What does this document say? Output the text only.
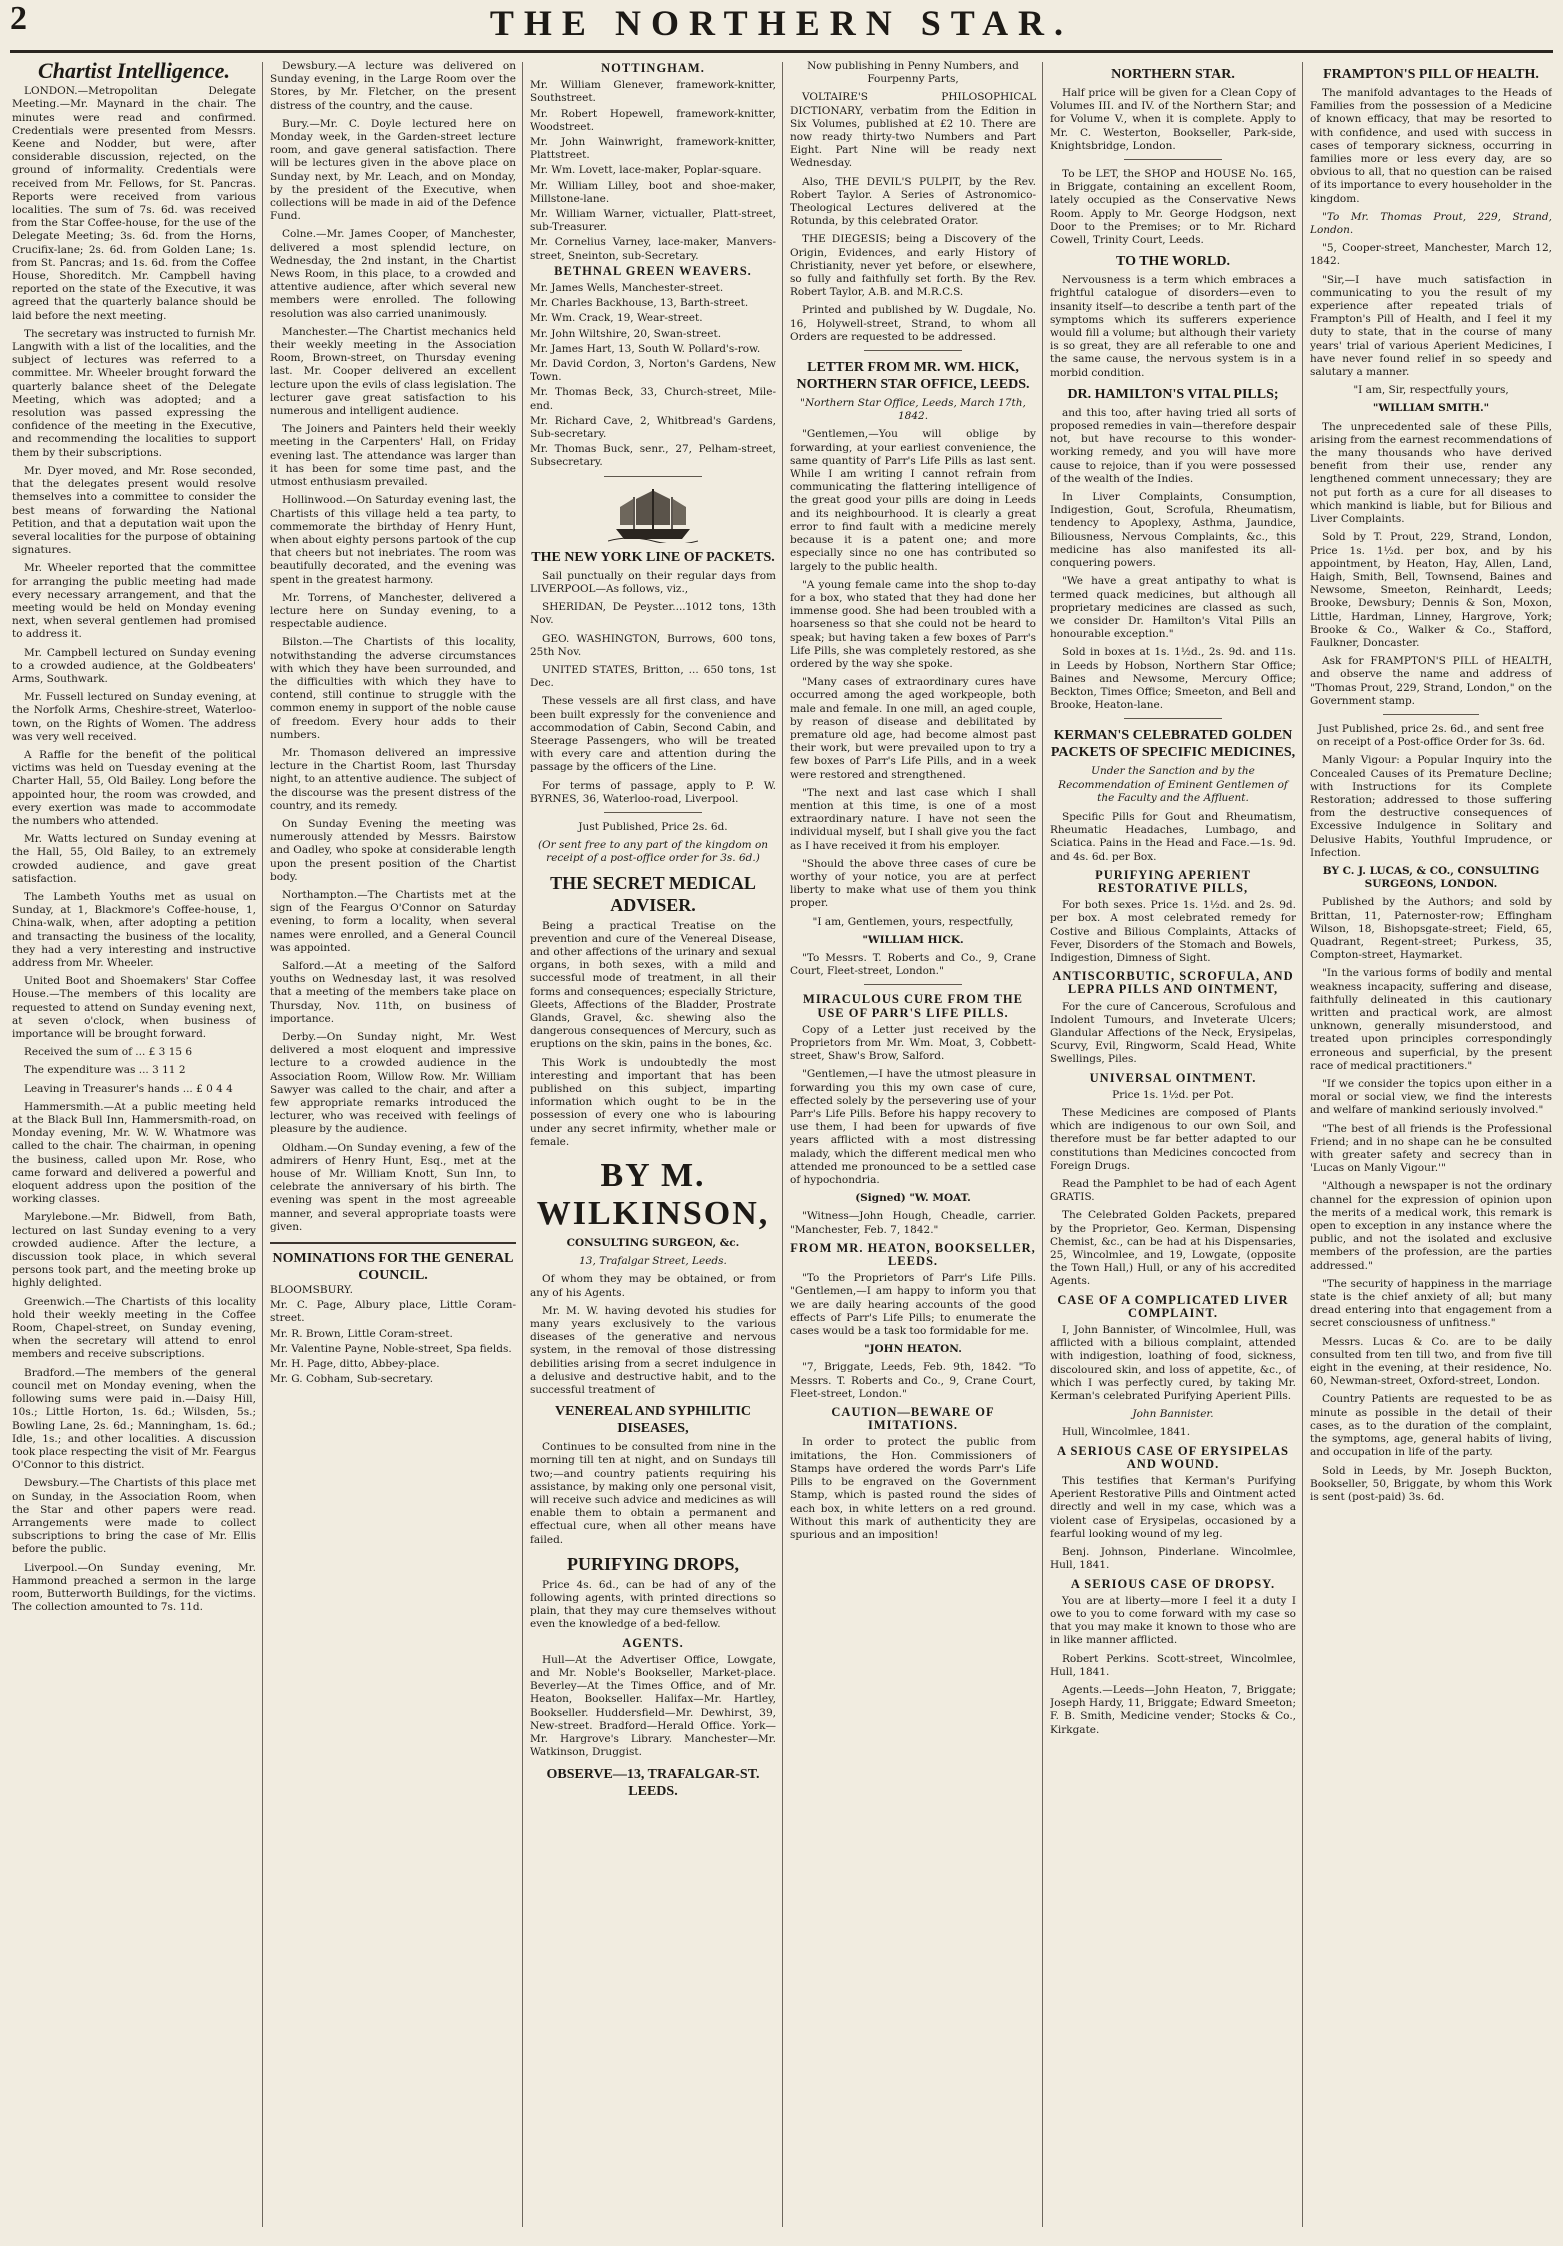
2	THE NORTHERN STAR.
Chartist Intelligence.
LONDON.—Metropolitan Delegate Meeting.—Mr. Maynard in the chair. The minutes were read and confirmed. Credentials were presented from Messrs. Keene and Nodder, but were, after considerable discussion, rejected, on the ground of informality. Credentials were received from Mr. Fellows, for St. Pancras. Reports were received from various localities. The sum of 7s. 6d. was received from the Star Coffee-house, for the use of the Delegate Meeting; 3s. 6d. from the Horns, Crucifix-lane; 2s. 6d. from Golden Lane; 1s. from St. Pancras; and 1s. 6d. from the Coffee House, Shoreditch. Mr. Campbell having reported on the state of the Executive, it was agreed that the quarterly balance should be laid before the next meeting.
The secretary was instructed to furnish Mr. Langwith with a list of the localities, and the subject of lectures was referred to a committee. Mr. Wheeler brought forward the quarterly balance sheet of the Delegate Meeting, which was adopted; and a resolution was passed expressing the confidence of the meeting in the Executive, and recommending the localities to support them by their subscriptions.
Mr. Dyer moved, and Mr. Rose seconded, that the delegates present would resolve themselves into a committee to consider the best means of forwarding the National Petition, and that a deputation wait upon the several localities for the purpose of obtaining signatures.
Mr. Wheeler reported that the committee for arranging the public meeting had made every necessary arrangement, and that the meeting would be held on Monday evening next, when several gentlemen had promised to address it.
Mr. Campbell lectured on Sunday evening to a crowded audience, at the Goldbeaters' Arms, Southwark.
Mr. Fussell lectured on Sunday evening, at the Norfolk Arms, Cheshire-street, Waterloo-town, on the Rights of Women. The address was very well received.
A Raffle for the benefit of the political victims was held on Tuesday evening at the Charter Hall, 55, Old Bailey. Long before the appointed hour, the room was crowded, and every exertion was made to accommodate the numbers who attended.
Mr. Watts lectured on Sunday evening at the Hall, 55, Old Bailey, to an extremely crowded audience, and gave great satisfaction.
The Lambeth Youths met as usual on Sunday, at 1, Blackmore's Coffee-house, 1, China-walk, when, after adopting a petition and transacting the business of the locality, they had a very interesting and instructive address from Mr. Wheeler.
United Boot and Shoemakers' Star Coffee House.—The members of this locality are requested to attend on Sunday evening next, at seven o'clock, when business of importance will be brought forward.
Received the sum of ... £ 3 15 6
The expenditure was ... 3 11 2
Leaving in Treasurer's hands ... £ 0 4 4
Hammersmith.—At a public meeting held at the Black Bull Inn, Hammersmith-road, on Monday evening, Mr. W. W. Whatmore was called to the chair. The chairman, in opening the business, called upon Mr. Rose, who came forward and delivered a powerful and eloquent address upon the position of the working classes.
Marylebone.—Mr. Bidwell, from Bath, lectured on last Sunday evening to a very crowded audience. After the lecture, a discussion took place, in which several persons took part, and the meeting broke up highly delighted.
Greenwich.—The Chartists of this locality hold their weekly meeting in the Coffee Room, Chapel-street, on Sunday evening, when the secretary will attend to enrol members and receive subscriptions.
Bradford.—The members of the general council met on Monday evening, when the following sums were paid in.—Daisy Hill, 10s.; Little Horton, 1s. 6d.; Wilsden, 5s.; Bowling Lane, 2s. 6d.; Manningham, 1s. 6d.; Idle, 1s.; and other localities. A discussion took place respecting the visit of Mr. Feargus O'Connor to this district.
Dewsbury.—The Chartists of this place met on Sunday, in the Association Room, when the Star and other papers were read. Arrangements were made to collect subscriptions to bring the case of Mr. Ellis before the public.
Liverpool.—On Sunday evening, Mr. Hammond preached a sermon in the large room, Butterworth Buildings, for the victims. The collection amounted to 7s. 11d.
Dewsbury.—A lecture was delivered on Sunday evening, in the Large Room over the Stores, by Mr. Fletcher, on the present distress of the country, and the cause.
Bury.—Mr. C. Doyle lectured here on Monday week, in the Garden-street lecture room, and gave general satisfaction. There will be lectures given in the above place on Sunday next, by Mr. Leach, and on Monday, by the president of the Executive, when collections will be made in aid of the Defence Fund.
Colne.—Mr. James Cooper, of Manchester, delivered a most splendid lecture, on Wednesday, the 2nd instant, in the Chartist News Room, in this place, to a crowded and attentive audience, after which several new members were enrolled. The following resolution was also carried unanimously.
Manchester.—The Chartist mechanics held their weekly meeting in the Association Room, Brown-street, on Thursday evening last. Mr. Cooper delivered an excellent lecture upon the evils of class legislation. The lecturer gave great satisfaction to his numerous and intelligent audience.
The Joiners and Painters held their weekly meeting in the Carpenters' Hall, on Friday evening last. The attendance was larger than it has been for some time past, and the utmost enthusiasm prevailed.
Hollinwood.—On Saturday evening last, the Chartists of this village held a tea party, to commemorate the birthday of Henry Hunt, when about eighty persons partook of the cup that cheers but not inebriates. The room was beautifully decorated, and the evening was spent in the greatest harmony.
Mr. Torrens, of Manchester, delivered a lecture here on Sunday evening, to a respectable audience.
Bilston.—The Chartists of this locality, notwithstanding the adverse circumstances with which they have been surrounded, and the difficulties with which they have to contend, still continue to struggle with the common enemy in support of the noble cause of freedom. Every hour adds to their numbers.
Mr. Thomason delivered an impressive lecture in the Chartist Room, last Thursday night, to an attentive audience. The subject of the discourse was the present distress of the country, and its remedy.
On Sunday Evening the meeting was numerously attended by Messrs. Bairstow and Oadley, who spoke at considerable length upon the present position of the Chartist body.
Northampton.—The Chartists met at the sign of the Feargus O'Connor on Saturday evening, to form a locality, when several names were enrolled, and a General Council was appointed.
Salford.—At a meeting of the Salford youths on Wednesday last, it was resolved that a meeting of the members take place on Thursday, Nov. 11th, on business of importance.
Derby.—On Sunday night, Mr. West delivered a most eloquent and impressive lecture to a crowded audience in the Association Room, Willow Row. Mr. William Sawyer was called to the chair, and after a few appropriate remarks introduced the lecturer, who was received with feelings of pleasure by the audience.
Oldham.—On Sunday evening, a few of the admirers of Henry Hunt, Esq., met at the house of Mr. William Knott, Sun Inn, to celebrate the anniversary of his birth. The evening was spent in the most agreeable manner, and several appropriate toasts were given.
NOMINATIONS FOR THE GENERAL COUNCIL.
BLOOMSBURY.
Mr. C. Page, Albury place, Little Coram-street.
Mr. R. Brown, Little Coram-street.
Mr. Valentine Payne, Noble-street, Spa fields.
Mr. H. Page, ditto, Abbey-place.
Mr. G. Cobham, Sub-secretary.
NOTTINGHAM.
Mr. William Glenever, framework-knitter, Southstreet.
Mr. Robert Hopewell, framework-knitter, Woodstreet.
Mr. John Wainwright, framework-knitter, Plattstreet.
Mr. Wm. Lovett, lace-maker, Poplar-square.
Mr. William Lilley, boot and shoe-maker, Millstone-lane.
Mr. William Warner, victualler, Platt-street, sub-Treasurer.
Mr. Cornelius Varney, lace-maker, Manvers-street, Sneinton, sub-Secretary.
BETHNAL GREEN WEAVERS.
Mr. James Wells, Manchester-street.
Mr. Charles Backhouse, 13, Barth-street.
Mr. Wm. Crack, 19, Wear-street.
Mr. John Wiltshire, 20, Swan-street.
Mr. James Hart, 13, South W. Pollard's-row.
Mr. David Cordon, 3, Norton's Gardens, New Town.
Mr. Thomas Beck, 33, Church-street, Mile-end.
Mr. Richard Cave, 2, Whitbread's Gardens, Sub-secretary.
Mr. Thomas Buck, senr., 27, Pelham-street, Subsecretary.
THE NEW YORK LINE OF PACKETS.
Sail punctually on their regular days from LIVERPOOL—As follows, viz.,
SHERIDAN, De Peyster....1012 tons, 13th Nov.
GEO. WASHINGTON, Burrows, 600 tons, 25th Nov.
UNITED STATES, Britton, ... 650 tons, 1st Dec.
These vessels are all first class, and have been built expressly for the convenience and accommodation of Cabin, Second Cabin, and Steerage Passengers, who will be treated with every care and attention during the passage by the officers of the Line.
For terms of passage, apply to P. W. BYRNES, 36, Waterloo-road, Liverpool.
Just Published, Price 2s. 6d.
(Or sent free to any part of the kingdom on receipt of a post-office order for 3s. 6d.)
THE SECRET MEDICAL ADVISER.
Being a practical Treatise on the prevention and cure of the Venereal Disease, and other affections of the urinary and sexual organs, in both sexes, with a mild and successful mode of treatment, in all their forms and consequences; especially Stricture, Gleets, Affections of the Bladder, Prostrate Glands, Gravel, &c. shewing also the dangerous consequences of Mercury, such as eruptions on the skin, pains in the bones, &c.
This Work is undoubtedly the most interesting and important that has been published on this subject, imparting information which ought to be in the possession of every one who is labouring under any secret infirmity, whether male or female.
BY M. WILKINSON,
CONSULTING SURGEON, &c.
13, Trafalgar Street, Leeds.
Of whom they may be obtained, or from any of his Agents.
Mr. M. W. having devoted his studies for many years exclusively to the various diseases of the generative and nervous system, in the removal of those distressing debilities arising from a secret indulgence in a delusive and destructive habit, and to the successful treatment of
VENEREAL AND SYPHILITIC DISEASES,
Continues to be consulted from nine in the morning till ten at night, and on Sundays till two;—and country patients requiring his assistance, by making only one personal visit, will receive such advice and medicines as will enable them to obtain a permanent and effectual cure, when all other means have failed.
PURIFYING DROPS,
Price 4s. 6d., can be had of any of the following agents, with printed directions so plain, that they may cure themselves without even the knowledge of a bed-fellow.
AGENTS.
Hull—At the Advertiser Office, Lowgate, and Mr. Noble's Bookseller, Market-place. Beverley—At the Times Office, and of Mr. Heaton, Bookseller. Halifax—Mr. Hartley, Bookseller. Huddersfield—Mr. Dewhirst, 39, New-street. Bradford—Herald Office. York—Mr. Hargrove's Library. Manchester—Mr. Watkinson, Druggist.
OBSERVE—13, TRAFALGAR-ST. LEEDS.
Now publishing in Penny Numbers, and Fourpenny Parts,
VOLTAIRE'S PHILOSOPHICAL DICTIONARY, verbatim from the Edition in Six Volumes, published at £2 10. There are now ready thirty-two Numbers and Part Eight. Part Nine will be ready next Wednesday.
Also, THE DEVIL'S PULPIT, by the Rev. Robert Taylor. A Series of Astronomico-Theological Lectures delivered at the Rotunda, by this celebrated Orator.
THE DIEGESIS; being a Discovery of the Origin, Evidences, and early History of Christianity, never yet before, or elsewhere, so fully and faithfully set forth. By the Rev. Robert Taylor, A.B. and M.R.C.S.
Printed and published by W. Dugdale, No. 16, Holywell-street, Strand, to whom all Orders are requested to be addressed.
LETTER FROM MR. WM. HICK, NORTHERN STAR OFFICE, LEEDS.
"Northern Star Office, Leeds, March 17th, 1842.
"Gentlemen,—You will oblige by forwarding, at your earliest convenience, the same quantity of Parr's Life Pills as last sent. While I am writing I cannot refrain from communicating the flattering intelligence of the great good your pills are doing in Leeds and its neighbourhood. It is clearly a great error to find fault with a medicine merely because it is a patent one; and more especially since no one has contributed so largely to the public health.
"A young female came into the shop to-day for a box, who stated that they had done her immense good. She had been troubled with a hoarseness so that she could not be heard to speak; but having taken a few boxes of Parr's Life Pills, she was completely restored, as she ordered by the way she spoke.
"Many cases of extraordinary cures have occurred among the aged workpeople, both male and female. In one mill, an aged couple, by reason of disease and debilitated by premature old age, had become almost past their work, but were prevailed upon to try a few boxes of Parr's Life Pills, and in a week were restored and strengthened.
"The next and last case which I shall mention at this time, is one of a most extraordinary nature. I have not seen the individual myself, but I shall give you the fact as I have received it from his employer.
"Should the above three cases of cure be worthy of your notice, you are at perfect liberty to make what use of them you think proper.
"I am, Gentlemen, yours, respectfully,
"WILLIAM HICK.
"To Messrs. T. Roberts and Co., 9, Crane Court, Fleet-street, London."
MIRACULOUS CURE FROM THE USE OF PARR'S LIFE PILLS.
Copy of a Letter just received by the Proprietors from Mr. Wm. Moat, 3, Cobbett-street, Shaw's Brow, Salford.
"Gentlemen,—I have the utmost pleasure in forwarding you this my own case of cure, effected solely by the persevering use of your Parr's Life Pills. Before his happy recovery to use them, I had been for upwards of five years afflicted with a most distressing malady, which the different medical men who attended me pronounced to be a settled case of hypochondria.
(Signed) "W. MOAT.
"Witness—John Hough, Cheadle, carrier. "Manchester, Feb. 7, 1842."
FROM MR. HEATON, BOOKSELLER, LEEDS.
"To the Proprietors of Parr's Life Pills. "Gentlemen,—I am happy to inform you that we are daily hearing accounts of the good effects of Parr's Life Pills; to enumerate the cases would be a task too formidable for me.
"JOHN HEATON.
"7, Briggate, Leeds, Feb. 9th, 1842. "To Messrs. T. Roberts and Co., 9, Crane Court, Fleet-street, London."
CAUTION—BEWARE OF IMITATIONS.
In order to protect the public from imitations, the Hon. Commissioners of Stamps have ordered the words Parr's Life Pills to be engraved on the Government Stamp, which is pasted round the sides of each box, in white letters on a red ground. Without this mark of authenticity they are spurious and an imposition!
NORTHERN STAR.
Half price will be given for a Clean Copy of Volumes III. and IV. of the Northern Star; and for Volume V., when it is complete. Apply to Mr. C. Westerton, Bookseller, Park-side, Knightsbridge, London.
To be LET, the SHOP and HOUSE No. 165, in Briggate, containing an excellent Room, lately occupied as the Conservative News Room. Apply to Mr. George Hodgson, next Door to the Premises; or to Mr. Richard Cowell, Trinity Court, Leeds.
TO THE WORLD.
Nervousness is a term which embraces a frightful catalogue of disorders—even to insanity itself—to describe a tenth part of the symptoms which its sufferers experience would fill a volume; but although their variety is so great, they are all referable to one and the same cause, the nervous system is in a morbid condition.
DR. HAMILTON'S VITAL PILLS;
and this too, after having tried all sorts of proposed remedies in vain—therefore despair not, but have recourse to this wonder-working remedy, and you will have more cause to rejoice, than if you were possessed of the wealth of the Indies.
In Liver Complaints, Consumption, Indigestion, Gout, Scrofula, Rheumatism, tendency to Apoplexy, Asthma, Jaundice, Biliousness, Nervous Complaints, &c., this medicine has also manifested its all-conquering powers.
"We have a great antipathy to what is termed quack medicines, but although all proprietary medicines are classed as such, we consider Dr. Hamilton's Vital Pills an honourable exception."
Sold in boxes at 1s. 1½d., 2s. 9d. and 11s. in Leeds by Hobson, Northern Star Office; Baines and Newsome, Mercury Office; Beckton, Times Office; Smeeton, and Bell and Brooke, Heaton-lane.
KERMAN'S CELEBRATED GOLDEN PACKETS OF SPECIFIC MEDICINES,
Under the Sanction and by the Recommendation of Eminent Gentlemen of the Faculty and the Affluent.
Specific Pills for Gout and Rheumatism, Rheumatic Headaches, Lumbago, and Sciatica. Pains in the Head and Face.—1s. 9d. and 4s. 6d. per Box.
PURIFYING APERIENT RESTORATIVE PILLS,
For both sexes. Price 1s. 1½d. and 2s. 9d. per box. A most celebrated remedy for Costive and Bilious Complaints, Attacks of Fever, Disorders of the Stomach and Bowels, Indigestion, Dimness of Sight.
ANTISCORBUTIC, SCROFULA, AND LEPRA PILLS AND OINTMENT,
For the cure of Cancerous, Scrofulous and Indolent Tumours, and Inveterate Ulcers; Glandular Affections of the Neck, Erysipelas, Scurvy, Evil, Ringworm, Scald Head, White Swellings, Piles.
UNIVERSAL OINTMENT.
Price 1s. 1½d. per Pot.
These Medicines are composed of Plants which are indigenous to our own Soil, and therefore must be far better adapted to our constitutions than Medicines concocted from Foreign Drugs.
Read the Pamphlet to be had of each Agent GRATIS.
The Celebrated Golden Packets, prepared by the Proprietor, Geo. Kerman, Dispensing Chemist, &c., can be had at his Dispensaries, 25, Wincolmlee, and 19, Lowgate, (opposite the Town Hall,) Hull, or any of his accredited Agents.
CASE OF A COMPLICATED LIVER COMPLAINT.
I, John Bannister, of Wincolmlee, Hull, was afflicted with a bilious complaint, attended with indigestion, loathing of food, sickness, discoloured skin, and loss of appetite, &c., of which I was perfectly cured, by taking Mr. Kerman's celebrated Purifying Aperient Pills.
John Bannister.
Hull, Wincolmlee, 1841.
A SERIOUS CASE OF ERYSIPELAS AND WOUND.
This testifies that Kerman's Purifying Aperient Restorative Pills and Ointment acted directly and well in my case, which was a violent case of Erysipelas, occasioned by a fearful looking wound of my leg.
Benj. Johnson, Pinderlane. Wincolmlee, Hull, 1841.
A SERIOUS CASE OF DROPSY.
You are at liberty—more I feel it a duty I owe to you to come forward with my case so that you may make it known to those who are in like manner afflicted.
Robert Perkins. Scott-street, Wincolmlee, Hull, 1841.
Agents.—Leeds—John Heaton, 7, Briggate; Joseph Hardy, 11, Briggate; Edward Smeeton; F. B. Smith, Medicine vender; Stocks & Co., Kirkgate.
FRAMPTON'S PILL OF HEALTH.
The manifold advantages to the Heads of Families from the possession of a Medicine of known efficacy, that may be resorted to with confidence, and used with success in cases of temporary sickness, occurring in families more or less every day, are so obvious to all, that no question can be raised of its importance to every householder in the kingdom.
"To Mr. Thomas Prout, 229, Strand, London.
"5, Cooper-street, Manchester, March 12, 1842.
"Sir,—I have much satisfaction in communicating to you the result of my experience after repeated trials of Frampton's Pill of Health, and I feel it my duty to state, that in the course of many years' trial of various Aperient Medicines, I have never found relief in so speedy and salutary a manner.
"I am, Sir, respectfully yours,
"WILLIAM SMITH."
The unprecedented sale of these Pills, arising from the earnest recommendations of the many thousands who have derived benefit from their use, render any lengthened comment unnecessary; they are not put forth as a cure for all diseases to which mankind is liable, but for Bilious and Liver Complaints.
Sold by T. Prout, 229, Strand, London, Price 1s. 1½d. per box, and by his appointment, by Heaton, Hay, Allen, Land, Haigh, Smith, Bell, Townsend, Baines and Newsome, Smeeton, Reinhardt, Leeds; Brooke, Dewsbury; Dennis & Son, Moxon, Little, Hardman, Linney, Hargrove, York; Brooke & Co., Walker & Co., Stafford, Faulkner, Doncaster.
Ask for FRAMPTON'S PILL of HEALTH, and observe the name and address of "Thomas Prout, 229, Strand, London," on the Government stamp.
Just Published, price 2s. 6d., and sent free on receipt of a Post-office Order for 3s. 6d.
Manly Vigour: a Popular Inquiry into the Concealed Causes of its Premature Decline; with Instructions for its Complete Restoration; addressed to those suffering from the destructive consequences of Excessive Indulgence in Solitary and Delusive Habits, Youthful Imprudence, or Infection.
BY C. J. LUCAS, & CO., CONSULTING SURGEONS, LONDON.
Published by the Authors; and sold by Brittan, 11, Paternoster-row; Effingham Wilson, 18, Bishopsgate-street; Field, 65, Quadrant, Regent-street; Purkess, 35, Compton-street, Haymarket.
"In the various forms of bodily and mental weakness incapacity, suffering and disease, faithfully delineated in this cautionary written and practical work, are almost unknown, generally misunderstood, and treated upon principles correspondingly erroneous and superficial, by the present race of medical practitioners."
"If we consider the topics upon either in a moral or social view, we find the interests and welfare of mankind seriously involved."
"The best of all friends is the Professional Friend; and in no shape can he be consulted with greater safety and secrecy than in 'Lucas on Manly Vigour.'"
"Although a newspaper is not the ordinary channel for the expression of opinion upon the merits of a medical work, this remark is open to exception in any instance where the public, and not the isolated and exclusive members of the profession, are the parties addressed."
"The security of happiness in the marriage state is the chief anxiety of all; but many dread entering into that engagement from a secret consciousness of unfitness."
Messrs. Lucas & Co. are to be daily consulted from ten till two, and from five till eight in the evening, at their residence, No. 60, Newman-street, Oxford-street, London.
Country Patients are requested to be as minute as possible in the detail of their cases, as to the duration of the complaint, the symptoms, age, general habits of living, and occupation in life of the party.
Sold in Leeds, by Mr. Joseph Buckton, Bookseller, 50, Briggate, by whom this Work is sent (post-paid) 3s. 6d.
